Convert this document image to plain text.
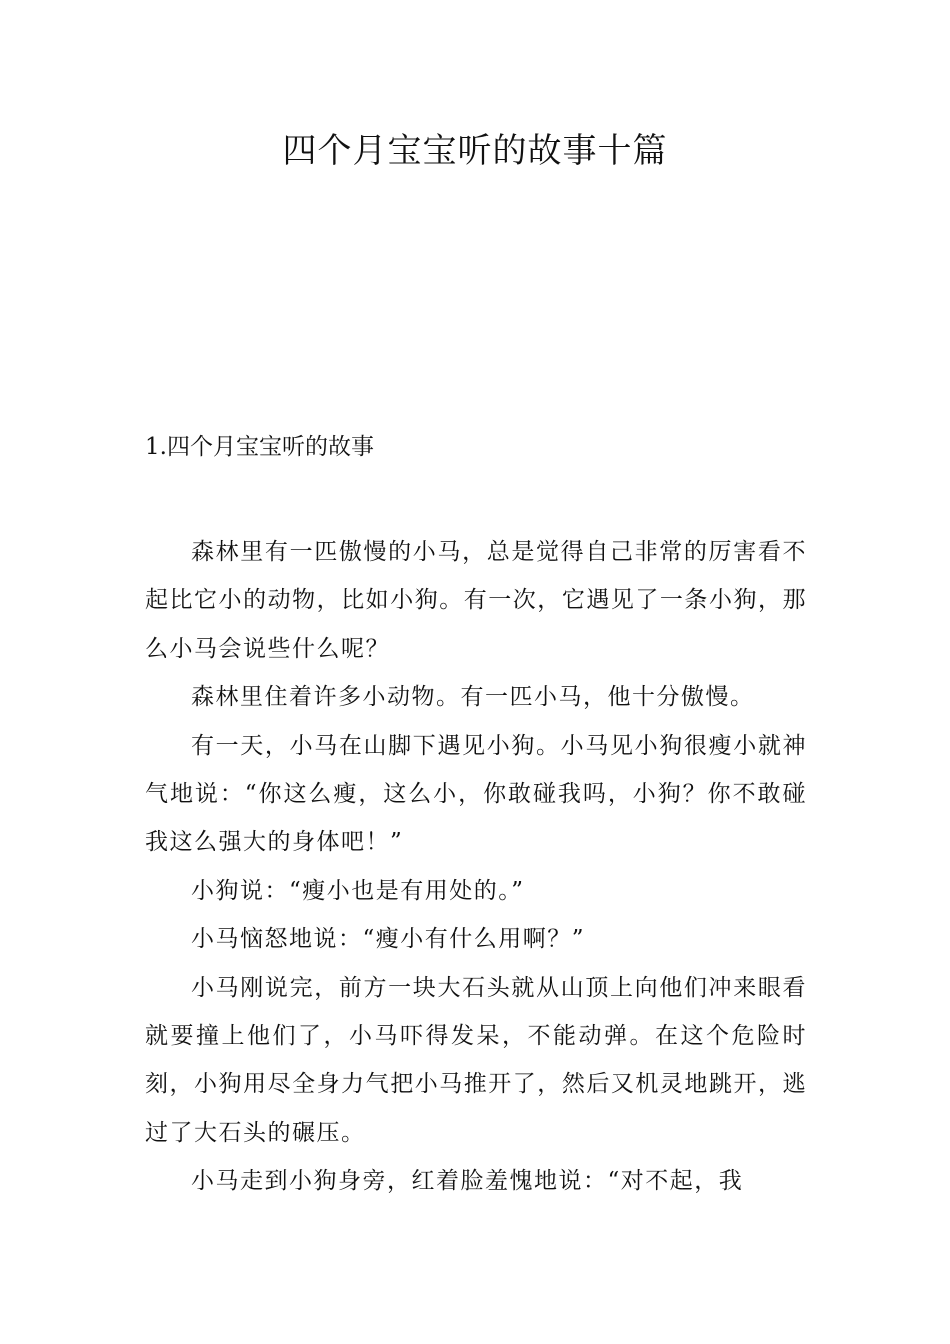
四个月宝宝听的故事十篇
1.四个月宝宝听的故事

森林里有一匹傲慢的小马，总是觉得自己非常的厉害看不起比它小的动物，比如小狗。有一次，它遇见了一条小狗，那么小马会说些什么呢？

森林里住着许多小动物。有一匹小马，他十分傲慢。

有一天，小马在山脚下遇见小狗。小马见小狗很瘦小就神气地说：“你这么瘦，这么小，你敢碰我吗，小狗？你不敢碰我这么强大的身体吧！”

小狗说：“瘦小也是有用处的。”

小马恼怒地说：“瘦小有什么用啊？”

小马刚说完，前方一块大石头就从山顶上向他们冲来眼看就要撞上他们了，小马吓得发呆，不能动弹。在这个危险时刻，小狗用尽全身力气把小马推开了，然后又机灵地跳开，逃过了大石头的碾压。

小马走到小狗身旁，红着脸羞愧地说：“对不起，我
